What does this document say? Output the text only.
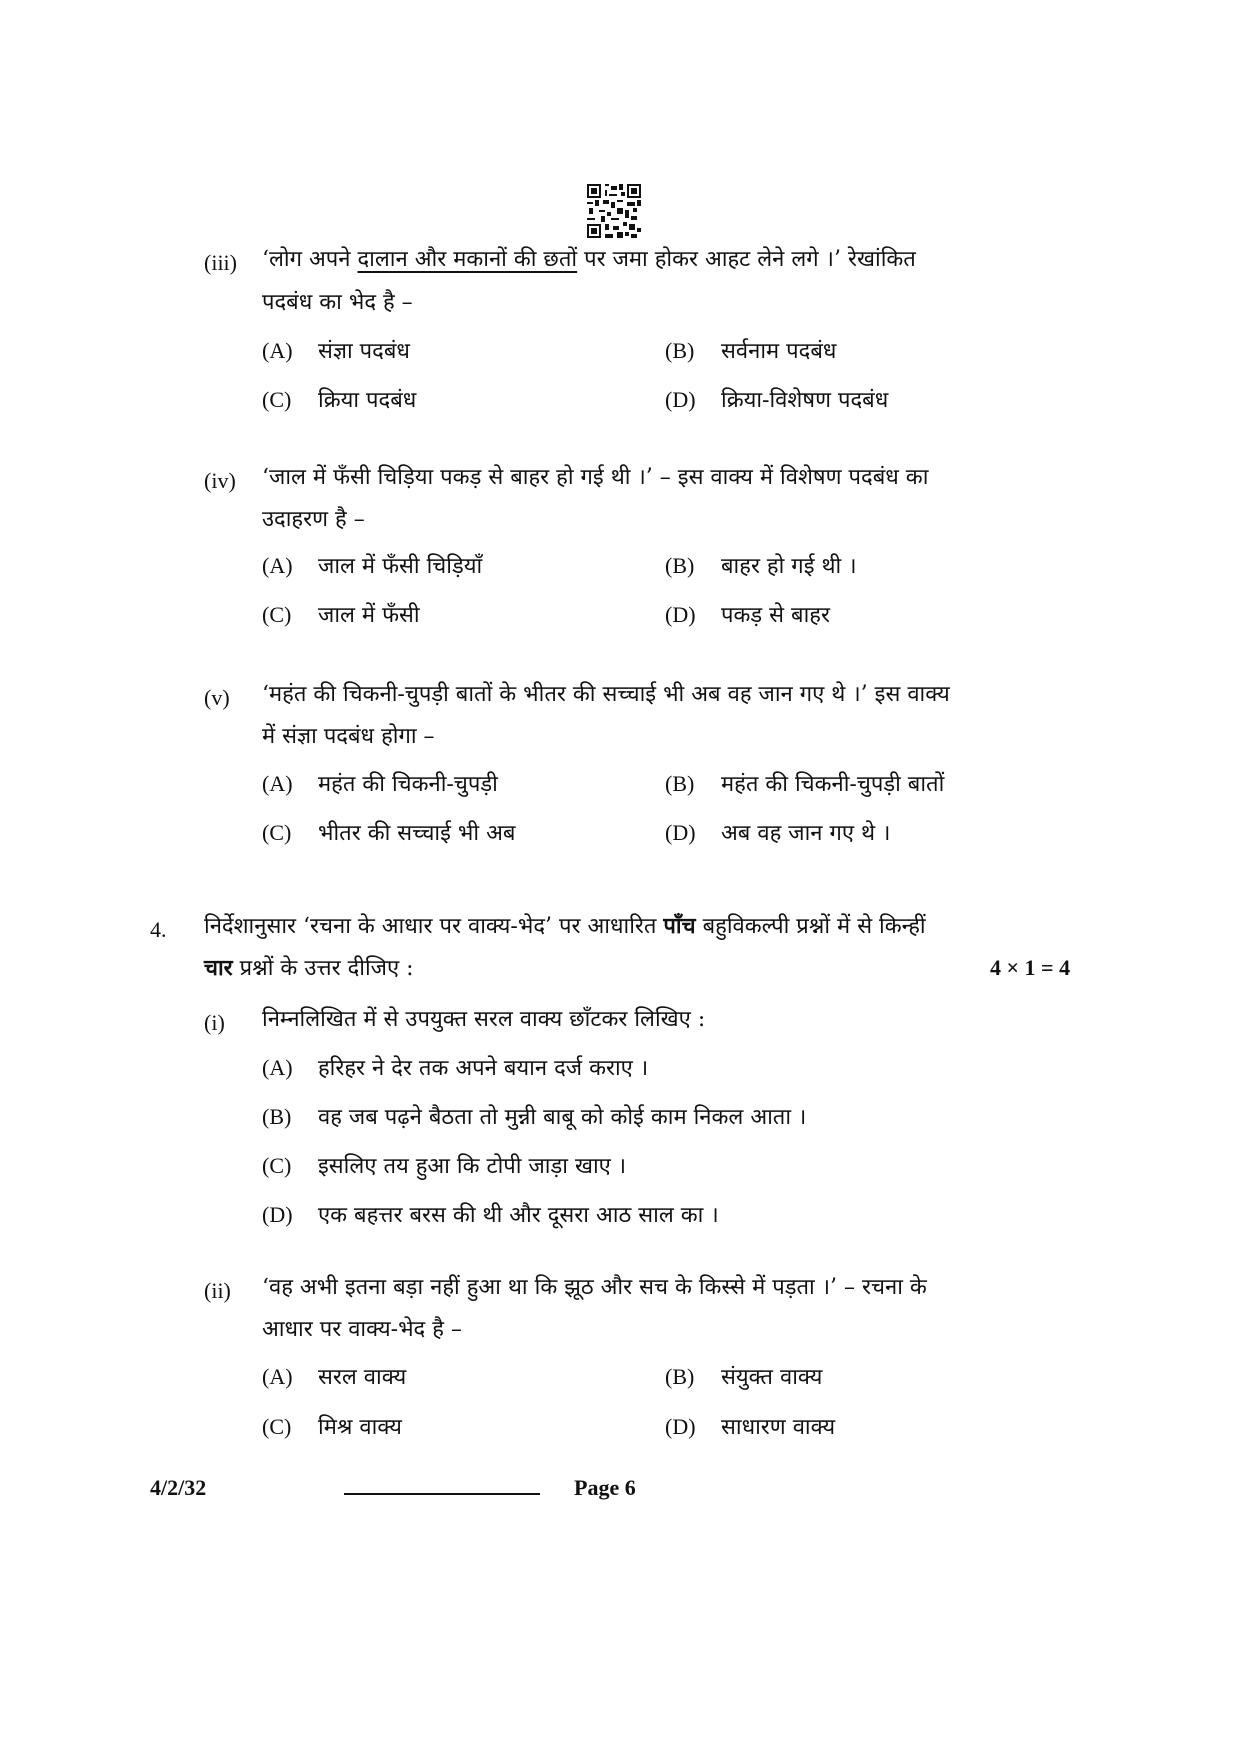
(iii) ‘लोग अपने दालान और मकानों की छतों पर जमा होकर आहट लेने लगे ।’ रेखांकित
पदबंध का भेद है –
(A) संज्ञा पदबंध	(B) सर्वनाम पदबंध
(C) क्रिया पदबंध	(D) क्रिया-विशेषण पदबंध
(iv) ‘जाल में फँसी चिड़िया पकड़ से बाहर हो गई थी ।’ – इस वाक्य में विशेषण पदबंध का
उदाहरण है –
(A) जाल में फँसी चिड़ियाँ	(B) बाहर हो गई थी ।
(C) जाल में फँसी	(D) पकड़ से बाहर
(v) ‘महंत की चिकनी-चुपड़ी बातों के भीतर की सच्चाई भी अब वह जान गए थे ।’ इस वाक्य
में संज्ञा पदबंध होगा –
(A) महंत की चिकनी-चुपड़ी	(B) महंत की चिकनी-चुपड़ी बातों
(C) भीतर की सच्चाई भी अब	(D) अब वह जान गए थे ।
4. निर्देशानुसार ‘रचना के आधार पर वाक्य-भेद’ पर आधारित पाँच बहुविकल्पी प्रश्नों में से किन्हीं
चार प्रश्नों के उत्तर दीजिए :	4 × 1 = 4
(i) निम्नलिखित में से उपयुक्त सरल वाक्य छाँटकर लिखिए :
(A) हरिहर ने देर तक अपने बयान दर्ज कराए ।
(B) वह जब पढ़ने बैठता तो मुन्नी बाबू को कोई काम निकल आता ।
(C) इसलिए तय हुआ कि टोपी जाड़ा खाए ।
(D) एक बहत्तर बरस की थी और दूसरा आठ साल का ।
(ii) ‘वह अभी इतना बड़ा नहीं हुआ था कि झूठ और सच के किस्से में पड़ता ।’ – रचना के
आधार पर वाक्य-भेद है –
(A) सरल वाक्य	(B) संयुक्त वाक्य
(C) मिश्र वाक्य	(D) साधारण वाक्य
4/2/32	Page 6
